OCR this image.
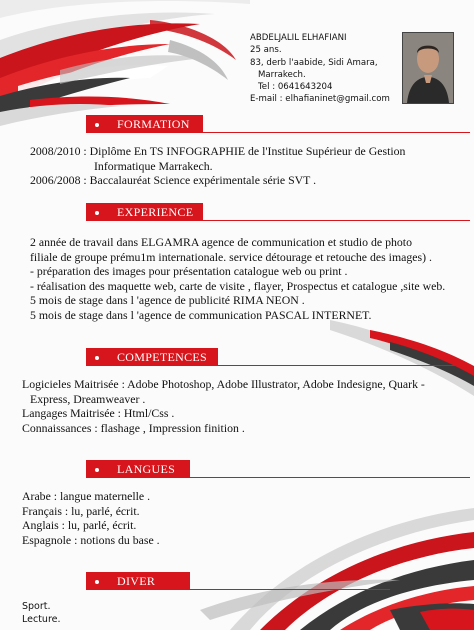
ABDELJALIL ELHAFIANI
25 ans.
83, derb l'aabide, Sidi Amara,
Marrakech.
Tel : 0641643204
E-mail : elhafianinet@gmail.com
FORMATION
2008/2010 : Diplôme En TS INFOGRAPHIE de l'Institue Supérieur de Gestion
Informatique Marrakech.
2006/2008 : Baccalauréat Science expérimentale série SVT .
EXPERIENCE
2 année de travail dans ELGAMRA agence de communication et studio de photo
filiale de groupe prému1m internationale. service détourage et retouche des images) .
- préparation des images pour présentation catalogue web ou print .
- réalisation des maquette web, carte de visite , flayer, Prospectus et catalogue ,site web.
5 mois de stage dans l 'agence de publicité RIMA NEON .
5 mois de stage dans l 'agence de communication PASCAL INTERNET.
COMPETENCES
Logicieles Maitrisée : Adobe Photoshop, Adobe Illustrator, Adobe Indesigne, Quark -
Express, Dreamweaver .
Langages Maitrisée : Html/Css .
Connaissances : flashage , Impression finition .
LANGUES
Arabe : langue maternelle .
Français : lu, parlé, écrit.
Anglais : lu, parlé, écrit.
Espagnole : notions du base .
DIVER
Sport.
Lecture.
